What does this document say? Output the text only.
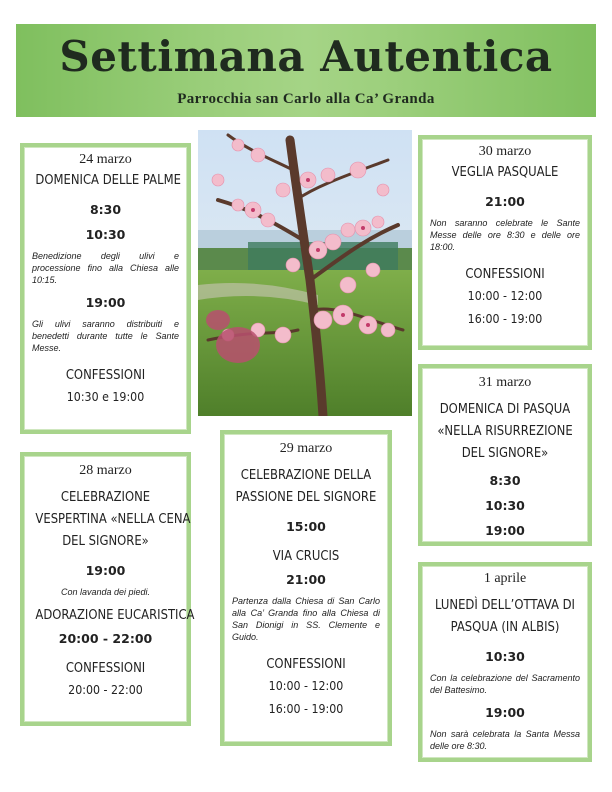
Settimana Autentica
Parrocchia san Carlo alla Ca’ Granda
24 marzo
DOMENICA DELLE PALME
8:30
10:30
Benedizione degli ulivi e processione fino alla Chiesa alle 10:15.
19:00
Gli ulivi saranno distribuiti e benedetti durante tutte le Sante Messe.
CONFESSIONI
10:30 e 19:00
28 marzo
CELEBRAZIONE
VESPERTINA «NELLA CENA
DEL SIGNORE»
19:00
Con lavanda dei piedi.
ADORAZIONE EUCARISTICA
20:00 - 22:00
CONFESSIONI
20:00 - 22:00
29 marzo
CELEBRAZIONE DELLA
PASSIONE DEL SIGNORE
15:00
VIA CRUCIS
21:00
Partenza dalla Chiesa di San Carlo alla Ca’ Granda fino alla Chiesa di San Dionigi in SS. Clemente e Guido.
CONFESSIONI
10:00 - 12:00
16:00 - 19:00
30 marzo
VEGLIA PASQUALE
21:00
Non saranno celebrate le Sante Messe delle ore 8:30 e delle ore 18:00.
CONFESSIONI
10:00 - 12:00
16:00 - 19:00
31 marzo
DOMENICA DI PASQUA
«NELLA RISURREZIONE
DEL SIGNORE»
8:30
10:30
19:00
1 aprile
LUNEDÌ DELL’OTTAVA DI
PASQUA (IN ALBIS)
10:30
Con la celebrazione del Sacramento del Battesimo.
19:00
Non sarà celebrata la Santa Messa delle ore 8:30.
